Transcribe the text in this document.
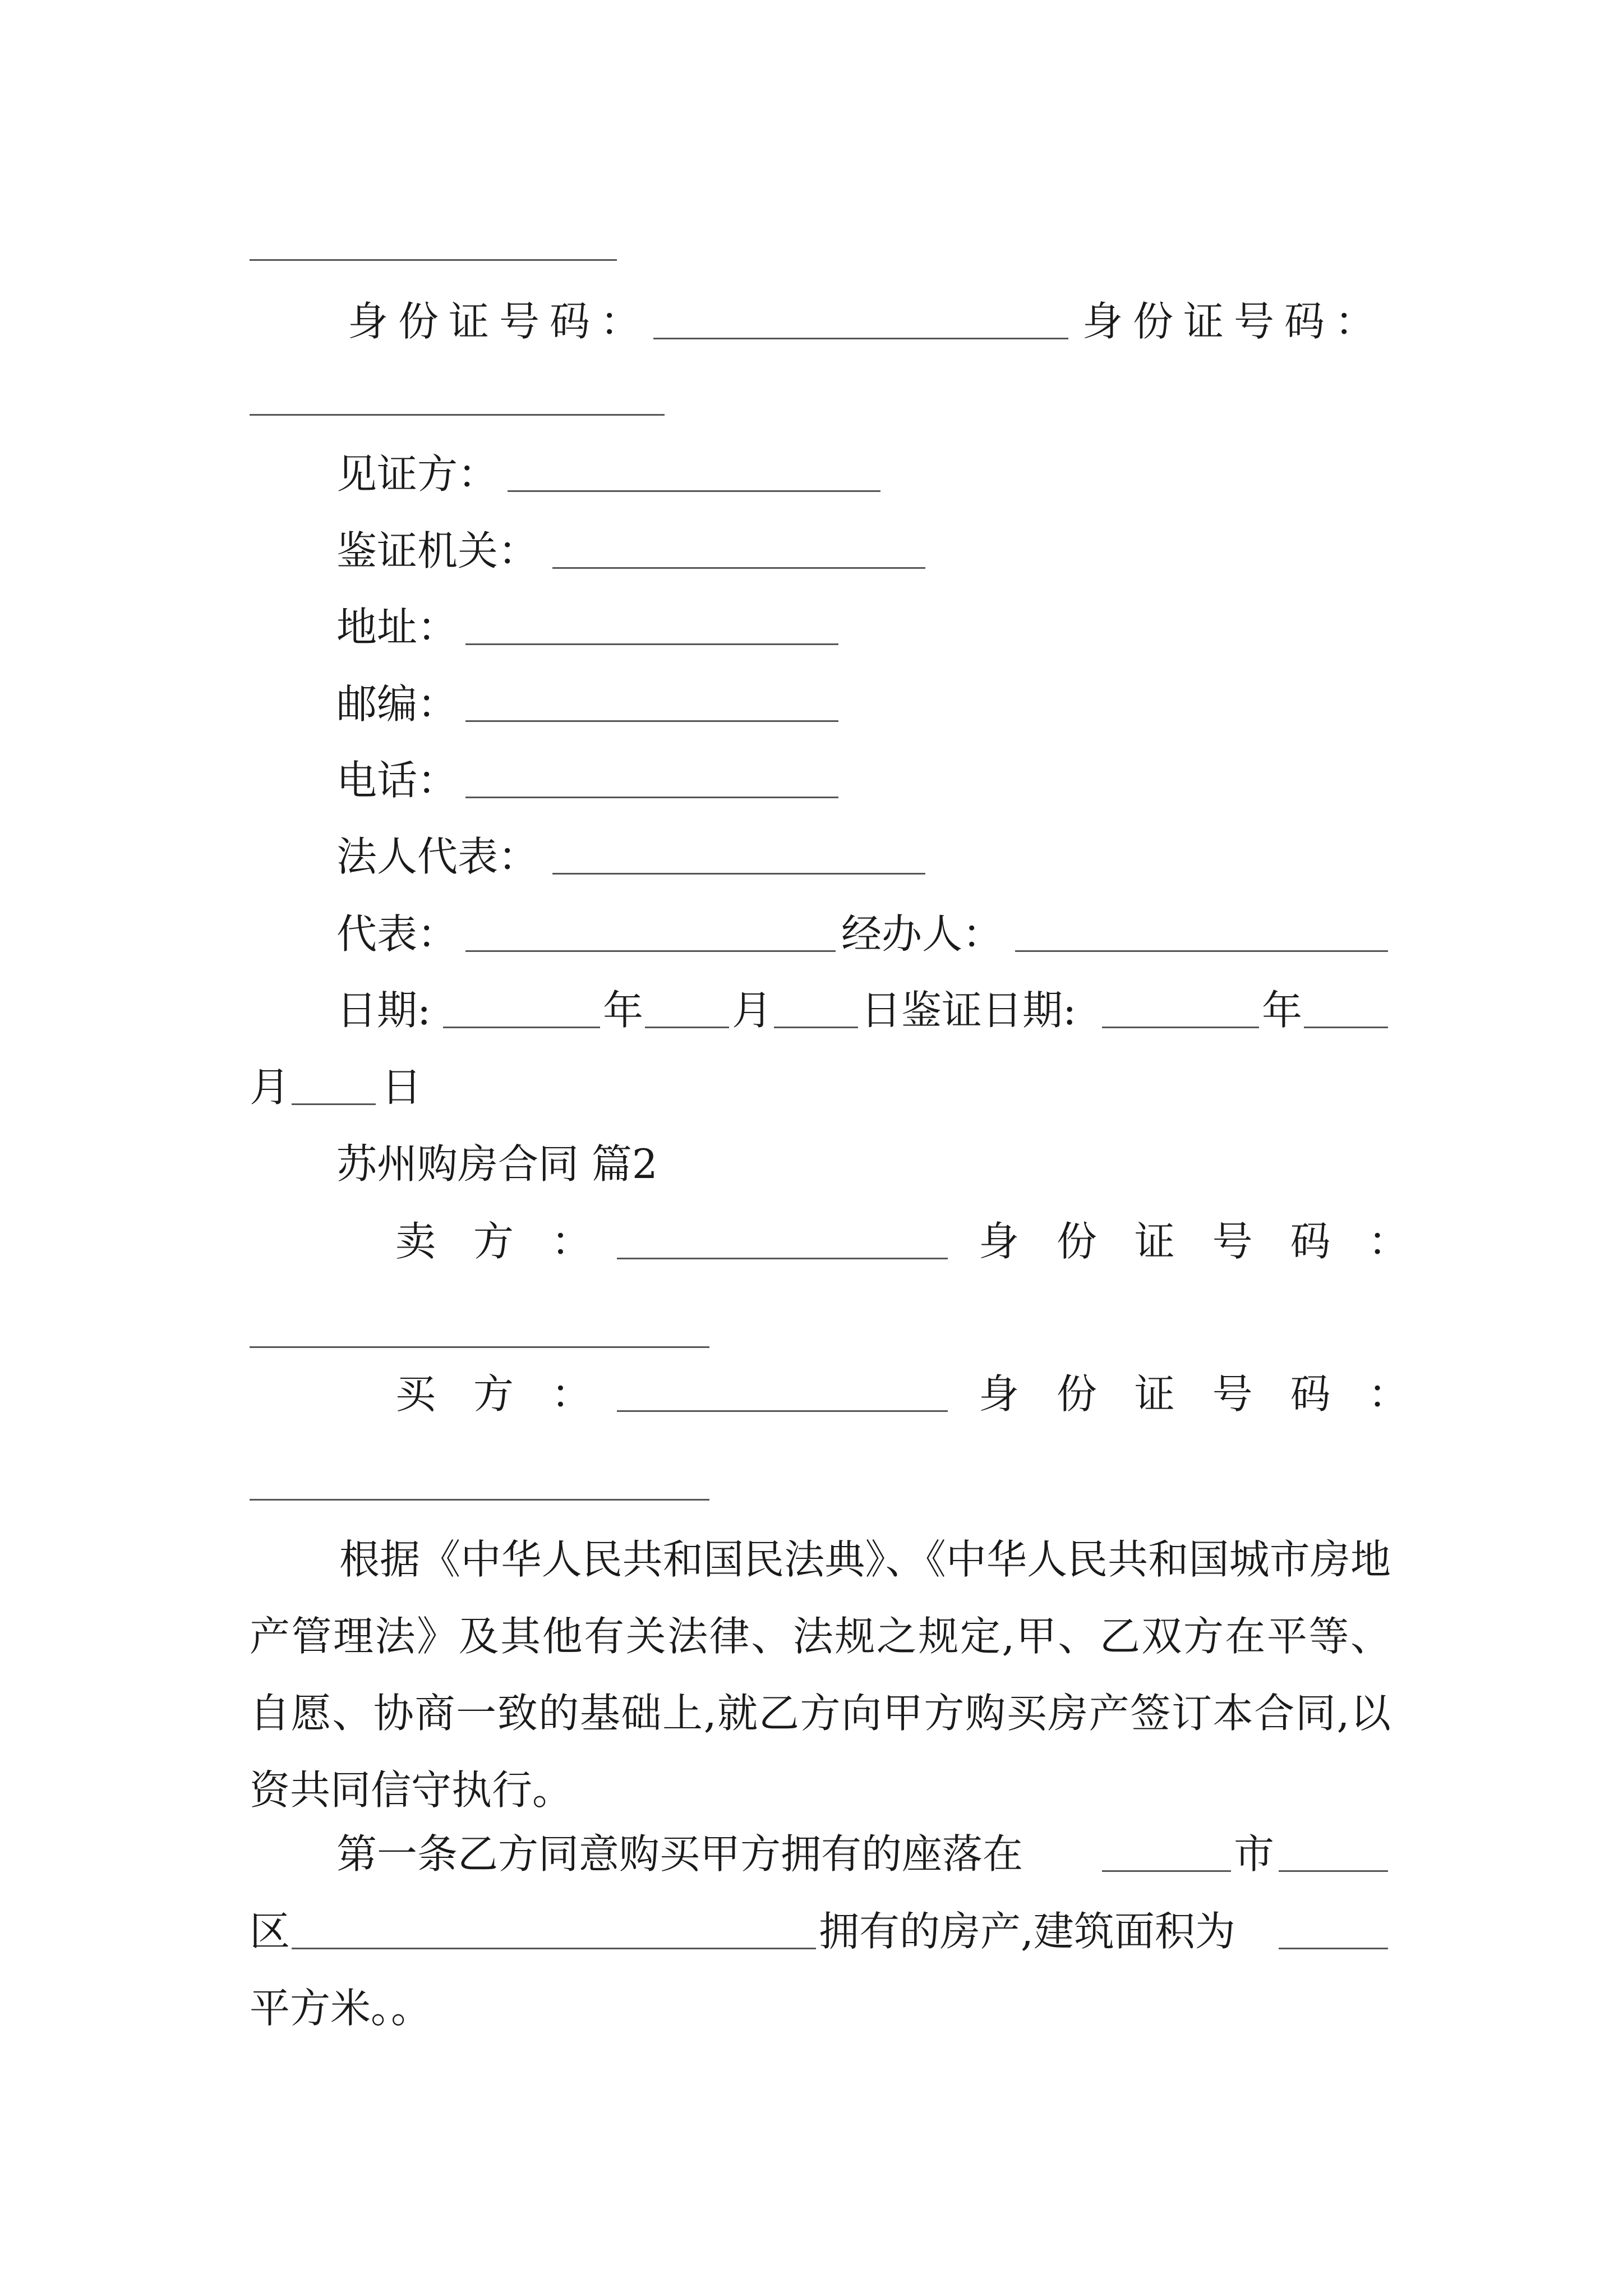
身份证号码：	身份证号码：
见证方：
鉴证机关：
地址：
邮编：
电话：
法人代表：
代表：	经办人：
日期:	年 月 日鉴证日期:	年
月 日
苏州购房合同 篇2
卖 方 ：	身 份 证 号 码 ：
买 方 ：	身 份 证 号 码 ：
根据《中华人民共和国民法典》、《中华人民共和国城市房地产管理法》及其他有关法律、法规之规定,甲、乙双方在平等、自愿、协商一致的基础上,就乙方向甲方购买房产签订本合同,以资共同信守执行。
第一条乙方同意购买甲方拥有的座落在	市
区	拥有的房产,建筑面积为
平方米。。
